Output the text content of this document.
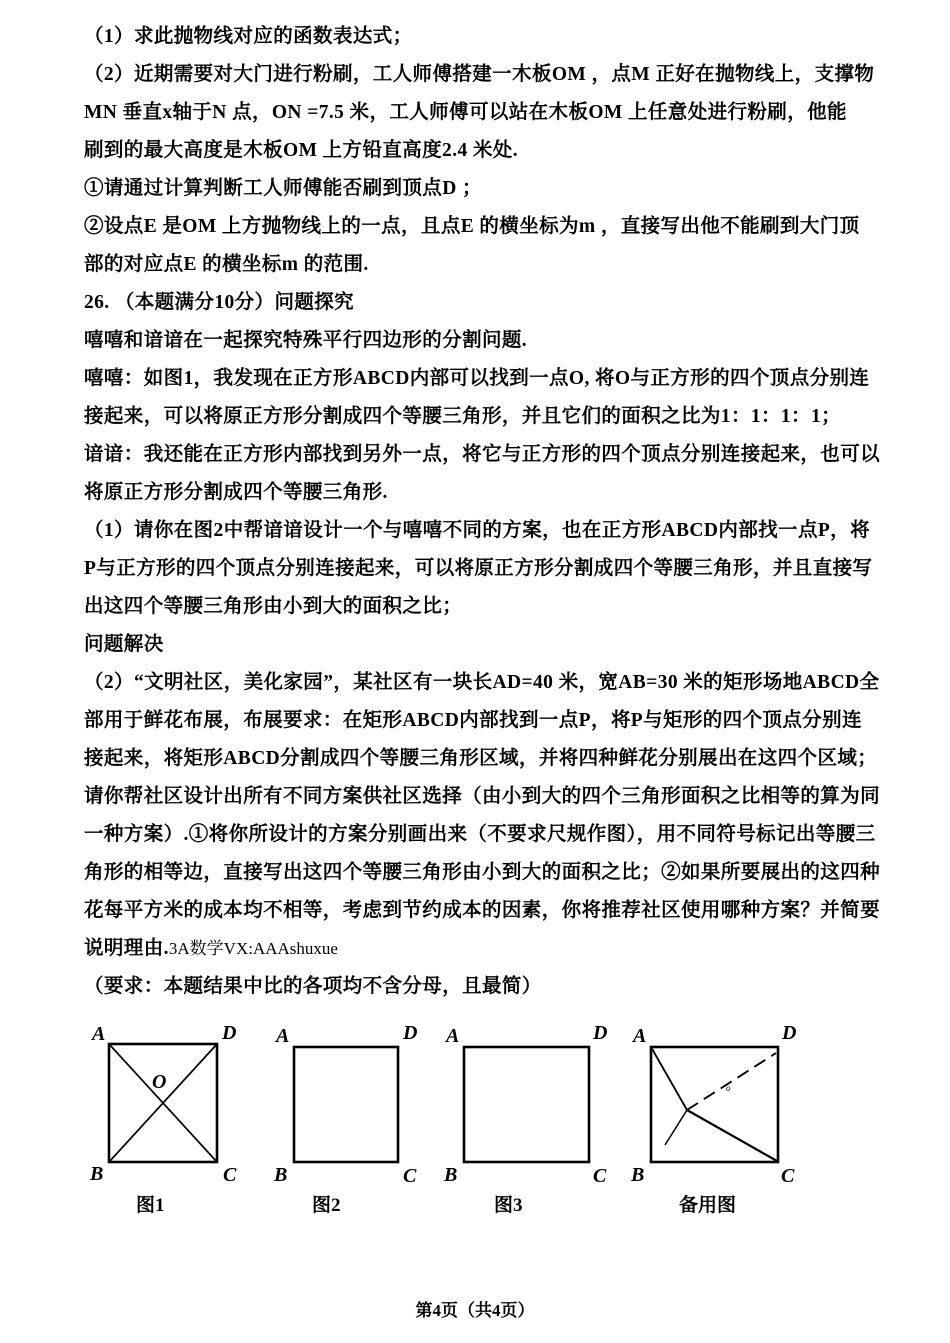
（1）求此抛物线对应的函数表达式；

（2）近期需要对大门进行粉刷，工人师傅搭建一木板OM ，点M 正好在抛物线上，支撑物

MN 垂直x轴于N 点，ON =7.5 米，工人师傅可以站在木板OM 上任意处进行粉刷，他能

刷到的最大高度是木板OM 上方铅直高度2.4 米处.

①请通过计算判断工人师傅能否刷到顶点D ；

②设点E 是OM 上方抛物线上的一点，且点E 的横坐标为m ，直接写出他不能刷到大门顶

部的对应点E 的横坐标m 的范围.

26. （本题满分10分）问题探究

嘻嘻和谙谙在一起探究特殊平行四边形的分割问题.

嘻嘻：如图1，我发现在正方形ABCD内部可以找到一点O, 将O与正方形的四个顶点分别连

接起来，可以将原正方形分割成四个等腰三角形，并且它们的面积之比为1：1：1：1；

谙谙：我还能在正方形内部找到另外一点，将它与正方形的四个顶点分别连接起来，也可以

将原正方形分割成四个等腰三角形.

（1）请你在图2中帮谙谙设计一个与嘻嘻不同的方案，也在正方形ABCD内部找一点P，将

P与正方形的四个顶点分别连接起来，可以将原正方形分割成四个等腰三角形，并且直接写

出这四个等腰三角形由小到大的面积之比；

问题解决

（2）“文明社区，美化家园”，某社区有一块长AD=40 米，宽AB=30 米的矩形场地ABCD全

部用于鲜花布展，布展要求：在矩形ABCD内部找到一点P，将P与矩形的四个顶点分别连

接起来，将矩形ABCD分割成四个等腰三角形区域，并将四种鲜花分别展出在这四个区域；

请你帮社区设计出所有不同方案供社区选择（由小到大的四个三角形面积之比相等的算为同

一种方案）.①将你所设计的方案分别画出来（不要求尺规作图），用不同符号标记出等腰三

角形的相等边，直接写出这四个等腰三角形由小到大的面积之比；②如果所要展出的这四种

花每平方米的成本均不相等，考虑到节约成本的因素，你将推荐社区使用哪种方案？并简要

说明理由.3A数学VX:AAAshuxue

（要求：本题结果中比的各项均不含分母，且最简）

A	D
B	C
O
图1
A	D
B	C
图2
A	D
B	C
图3
A	D
B	C
o
备用图
第4页（共4页）
